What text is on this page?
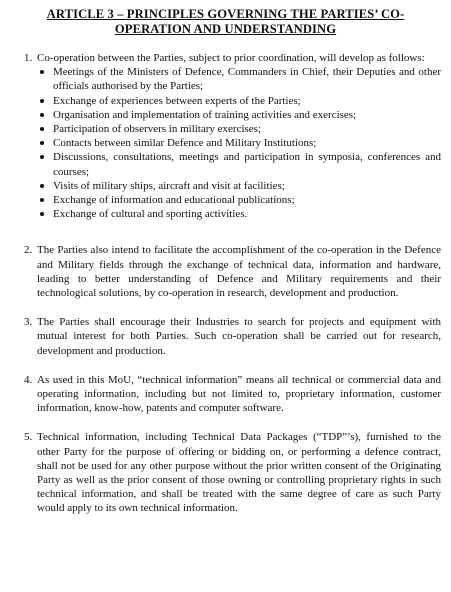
ARTICLE 3 – PRINCIPLES GOVERNING THE PARTIES’ CO-
OPERATION AND UNDERSTANDING
1. Co-operation between the Parties, subject to prior coordination, will develop as follows:
Meetings of the Ministers of Defence, Commanders in Chief, their Deputies and other officials authorised by the Parties;
Exchange of experiences between experts of the Parties;
Organisation and implementation of training activities and exercises;
Participation of observers in military exercises;
Contacts between similar Defence and Military Institutions;
Discussions, consultations, meetings and participation in symposia, conferences and courses;
Visits of military ships, aircraft and visit at facilities;
Exchange of information and educational publications;
Exchange of cultural and sporting activities.
2. The Parties also intend to facilitate the accomplishment of the co-operation in the Defence and Military fields through the exchange of technical data, information and hardware, leading to better understanding of Defence and Military requirements and their technological solutions, by co-operation in research, development and production.
3. The Parties shall encourage their Industries to search for projects and equipment with mutual interest for both Parties. Such co-operation shall be carried out for research, development and production.
4. As used in this MoU, “technical information” means all technical or commercial data and operating information, including but not limited to, proprietary information, customer information, know-how, patents and computer software.
5. Technical information, including Technical Data Packages (“TDP”’s), furnished to the other Party for the purpose of offering or bidding on, or performing a defence contract, shall not be used for any other purpose without the prior written consent of the Originating Party as well as the prior consent of those owning or controlling proprietary rights in such technical information, and shall be treated with the same degree of care as such Party would apply to its own technical information.
